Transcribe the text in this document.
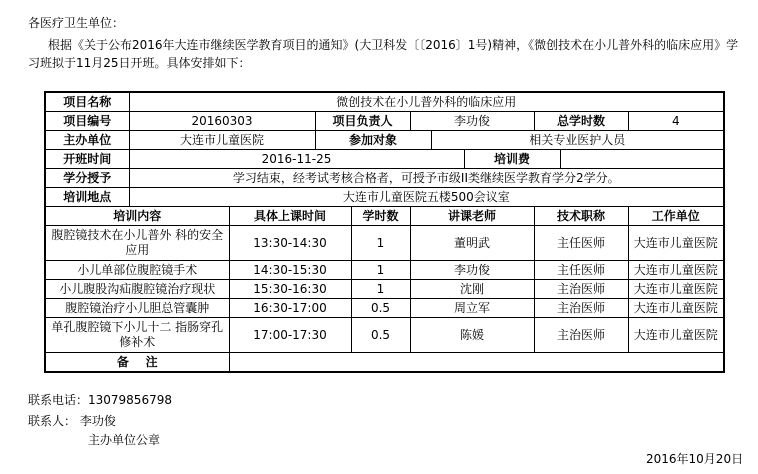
各医疗卫生单位：
根据《关于公布2016年大连市继续医学教育项目的通知》(大卫科发〔〔2016〕1号)精神，《微创技术在小儿普外科的临床应用》学
习班拟于11月25日开班。具体安排如下：
项目名称	微创技术在小儿普外科的临床应用									
项目编号	20160303		项目负责人		李功俊			总学时数		4
主办单位	大连市儿童医院		参加对象			相关专业医护人员				
开班时间	2016-11-25						培训费			
学分授予	学习结束，经考试考核合格者，可授予市级II类继续医学教育学分2学分。									
培训地点	大连市儿童医院五楼500会议室									
培训内容		具体上课时间		学时数	讲课老师			技术职称		工作单位
腹腔镜技术在小儿普外 科的安全应用		13:30-14:30		1	董明武			主任医师		大连市儿童医院
小儿单部位腹腔镜手术		14:30-15:30		1	李功俊			主任医师		大连市儿童医院
小儿腹股沟疝腹腔镜治疗现状		15:30-16:30		1	沈刚			主治医师		大连市儿童医院
腹腔镜治疗小儿胆总管囊肿		16:30-17:00		0.5	周立军			主治医师		大连市儿童医院
单孔腹腔镜下小儿十二 指肠穿孔修补术		17:00-17:30		0.5	陈媛			主治医师		大连市儿童医院
备    注										
联系电话：13079856798
联系人： 李功俊
主办单位公章
2016年10月20日
